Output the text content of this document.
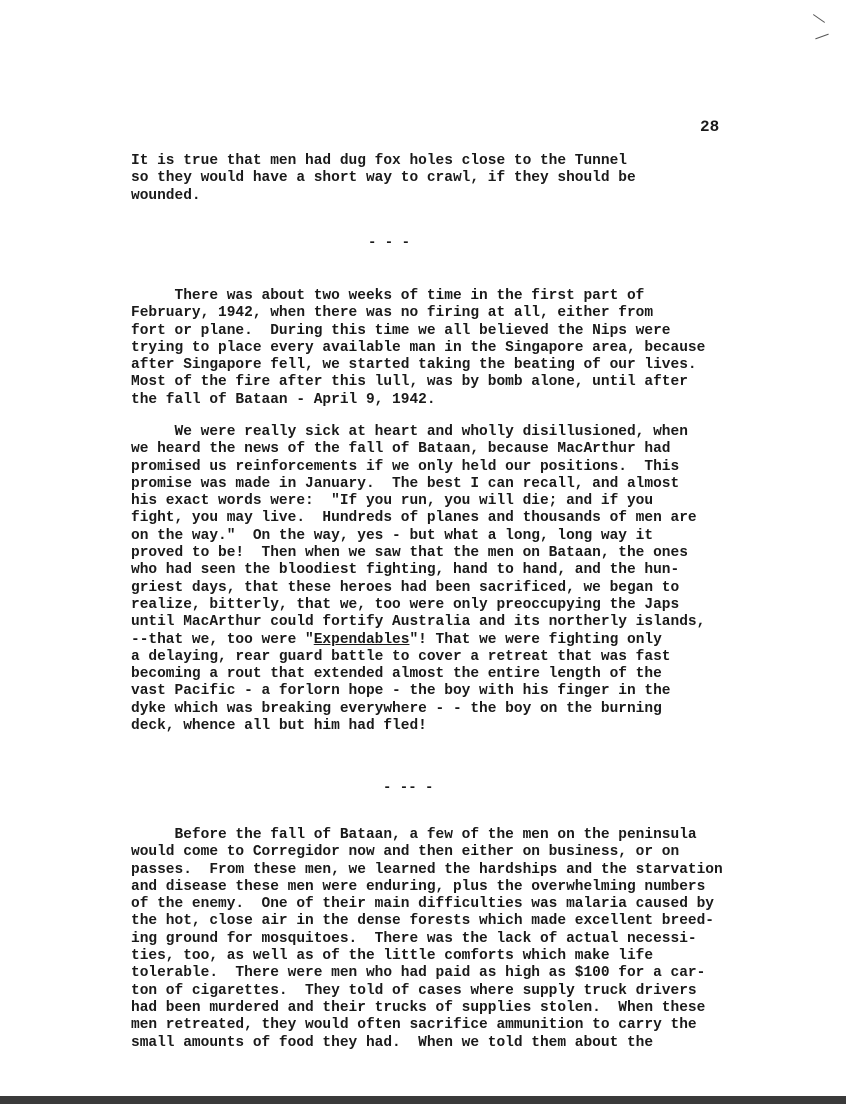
28
It is true that men had dug fox holes close to the Tunnel
so they would have a short way to crawl, if they should be
wounded.
- - -
There was about two weeks of time in the first part of
February, 1942, when there was no firing at all, either from
fort or plane.  During this time we all believed the Nips were
trying to place every available man in the Singapore area, because
after Singapore fell, we started taking the beating of our lives.
Most of the fire after this lull, was by bomb alone, until after
the fall of Bataan - April 9, 1942.
We were really sick at heart and wholly disillusioned, when
we heard the news of the fall of Bataan, because MacArthur had
promised us reinforcements if we only held our positions.  This
promise was made in January.  The best I can recall, and almost
his exact words were:  "If you run, you will die; and if you
fight, you may live.  Hundreds of planes and thousands of men are
on the way."  On the way, yes - but what a long, long way it
proved to be!  Then when we saw that the men on Bataan, the ones
who had seen the bloodiest fighting, hand to hand, and the hun-
griest days, that these heroes had been sacrificed, we began to
realize, bitterly, that we, too were only preoccupying the Japs
until MacArthur could fortify Australia and its northerly islands,
--that we, too were "Expendables"! That we were fighting only
a delaying, rear guard battle to cover a retreat that was fast
becoming a rout that extended almost the entire length of the
vast Pacific - a forlorn hope - the boy with his finger in the
dyke which was breaking everywhere - - the boy on the burning
deck, whence all but him had fled!
- -- -
Before the fall of Bataan, a few of the men on the peninsula
would come to Corregidor now and then either on business, or on
passes.  From these men, we learned the hardships and the starvation
and disease these men were enduring, plus the overwhelming numbers
of the enemy.  One of their main difficulties was malaria caused by
the hot, close air in the dense forests which made excellent breed-
ing ground for mosquitoes.  There was the lack of actual necessi-
ties, too, as well as of the little comforts which make life
tolerable.  There were men who had paid as high as $100 for a car-
ton of cigarettes.  They told of cases where supply truck drivers
had been murdered and their trucks of supplies stolen.  When these
men retreated, they would often sacrifice ammunition to carry the
small amounts of food they had.  When we told them about the
